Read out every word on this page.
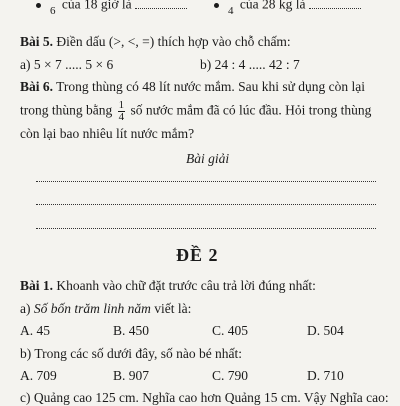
6 của 18 giờ là	4 của 28 kg là
Bài 5. Điền dấu (>, <, =) thích hợp vào chỗ chấm:
a) 5 × 7 ..... 5 × 6	b) 24 : 4 ..... 42 : 7
Bài 6. Trong thùng có 48 lít nước mắm. Sau khi sử dụng còn lại
trong thùng bằng $\frac{1}{4}$ số nước mắm đã có lúc đầu. Hỏi trong thùng
còn lại bao nhiêu lít nước mắm?
Bài giải
ĐỀ 2
Bài 1. Khoanh vào chữ đặt trước câu trả lời đúng nhất:
a) Số bốn trăm linh năm viết là:
A. 45	B. 450	C. 405	D. 504
b) Trong các số dưới đây, số nào bé nhất:
A. 709	B. 907	C. 790	D. 710
c) Quảng cao 125 cm. Nghĩa cao hơn Quảng 15 cm. Vậy Nghĩa cao:
